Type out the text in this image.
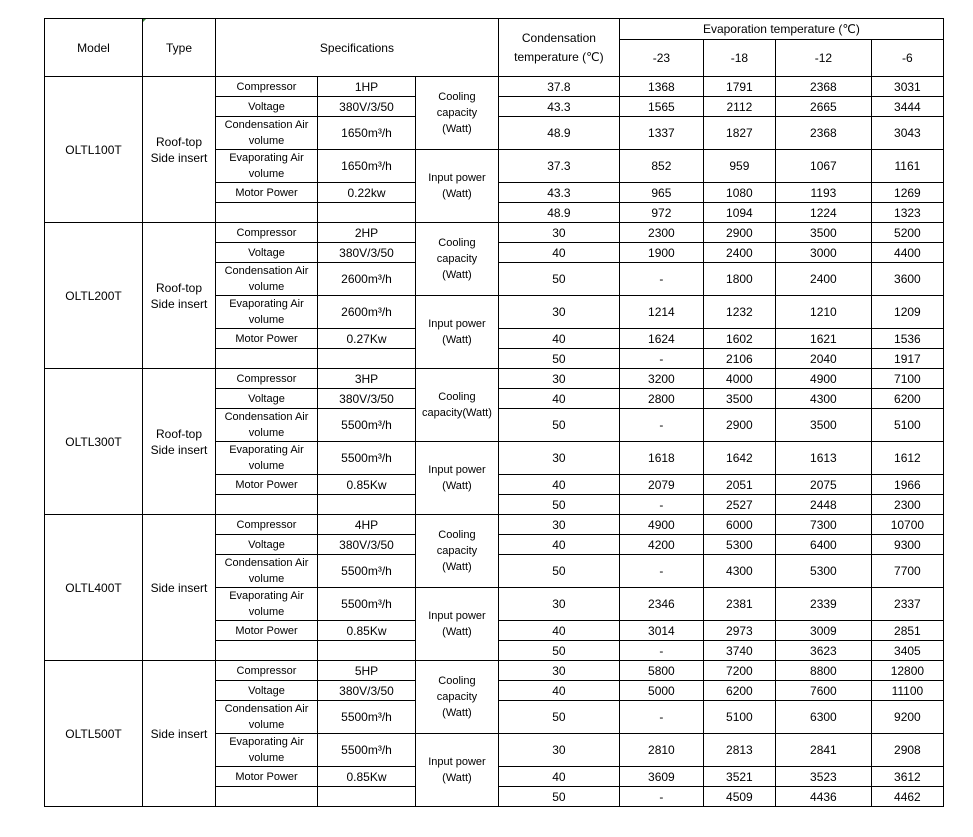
Model	Type	Specifications			Condensation temperature (℃)	Evaporation temperature (℃)			
						-23	-18	-12	-6
OLTL100T	Roof-top Side insert	Compressor	1HP	Cooling capacity (Watt)	37.8	1368	1791	2368	3031
		Voltage	380V/3/50		43.3	1565	2112	2665	3444
		Condensation Air volume	1650m³/h		48.9	1337	1827	2368	3043
		Evaporating Air volume	1650m³/h	Input power (Watt)	37.3	852	959	1067	1161
		Motor Power	0.22kw		43.3	965	1080	1193	1269
					48.9	972	1094	1224	1323
OLTL200T	Roof-top Side insert	Compressor	2HP	Cooling capacity (Watt)	30	2300	2900	3500	5200
		Voltage	380V/3/50		40	1900	2400	3000	4400
		Condensation Air volume	2600m³/h		50	-	1800	2400	3600
		Evaporating Air volume	2600m³/h	Input power (Watt)	30	1214	1232	1210	1209
		Motor Power	0.27Kw		40	1624	1602	1621	1536
					50	-	2106	2040	1917
OLTL300T	Roof-top Side insert	Compressor	3HP	Cooling capacity(Watt)	30	3200	4000	4900	7100
		Voltage	380V/3/50		40	2800	3500	4300	6200
		Condensation Air volume	5500m³/h		50	-	2900	3500	5100
		Evaporating Air volume	5500m³/h	Input power (Watt)	30	1618	1642	1613	1612
		Motor Power	0.85Kw		40	2079	2051	2075	1966
					50	-	2527	2448	2300
OLTL400T	Side insert	Compressor	4HP	Cooling capacity (Watt)	30	4900	6000	7300	10700
		Voltage	380V/3/50		40	4200	5300	6400	9300
		Condensation Air volume	5500m³/h		50	-	4300	5300	7700
		Evaporating Air volume	5500m³/h	Input power (Watt)	30	2346	2381	2339	2337
		Motor Power	0.85Kw		40	3014	2973	3009	2851
					50	-	3740	3623	3405
OLTL500T	Side insert	Compressor	5HP	Cooling capacity (Watt)	30	5800	7200	8800	12800
		Voltage	380V/3/50		40	5000	6200	7600	11100
		Condensation Air volume	5500m³/h		50	-	5100	6300	9200
		Evaporating Air volume	5500m³/h	Input power (Watt)	30	2810	2813	2841	2908
		Motor Power	0.85Kw		40	3609	3521	3523	3612
					50	-	4509	4436	4462
